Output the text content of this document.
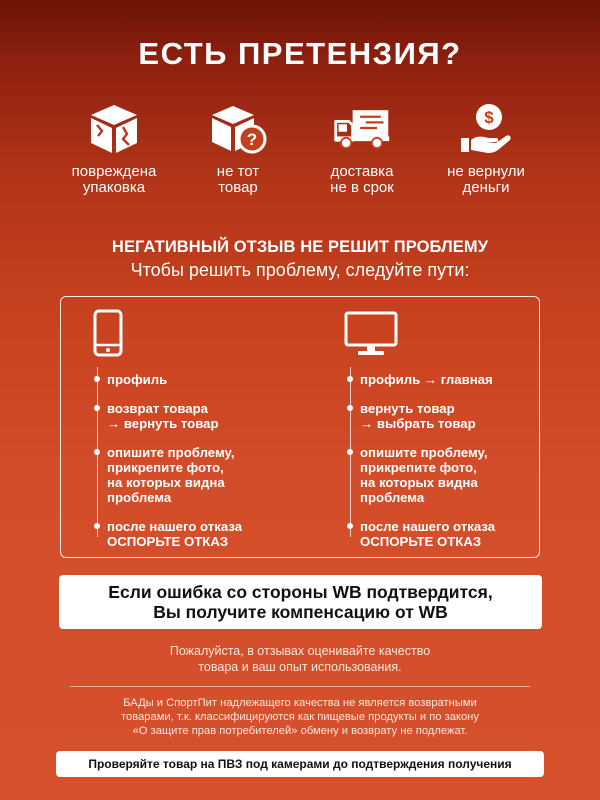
ЕСТЬ ПРЕТЕНЗИЯ?
повреждена
упаковка
?
не тот
товар
доставка
не в срок
$
не вернули
деньги
НЕГАТИВНЫЙ ОТЗЫВ НЕ РЕШИТ ПРОБЛЕМУ
Чтобы решить проблему, следуйте пути:
профиль
возврат товара
→ вернуть товар
опишите проблему,
прикрепите фото,
на которых видна
проблема
после нашего отказа
ОСПОРЬТЕ ОТКАЗ
профиль → главная
вернуть товар
→ выбрать товар
опишите проблему,
прикрепите фото,
на которых видна
проблема
после нашего отказа
ОСПОРЬТЕ ОТКАЗ
Если ошибка со стороны WB подтвердится,
Вы получите компенсацию от WB
Пожалуйста, в отзывах оценивайте качество
товара и ваш опыт использования.
БАДы и СпортПит надлежащего качества не является возвратными
товарами, т.к. классифицируются как пищевые продукты и по закону
«О защите прав потребителей» обмену и возврату не подлежат.
Проверяйте товар на ПВЗ под камерами до подтверждения получения
